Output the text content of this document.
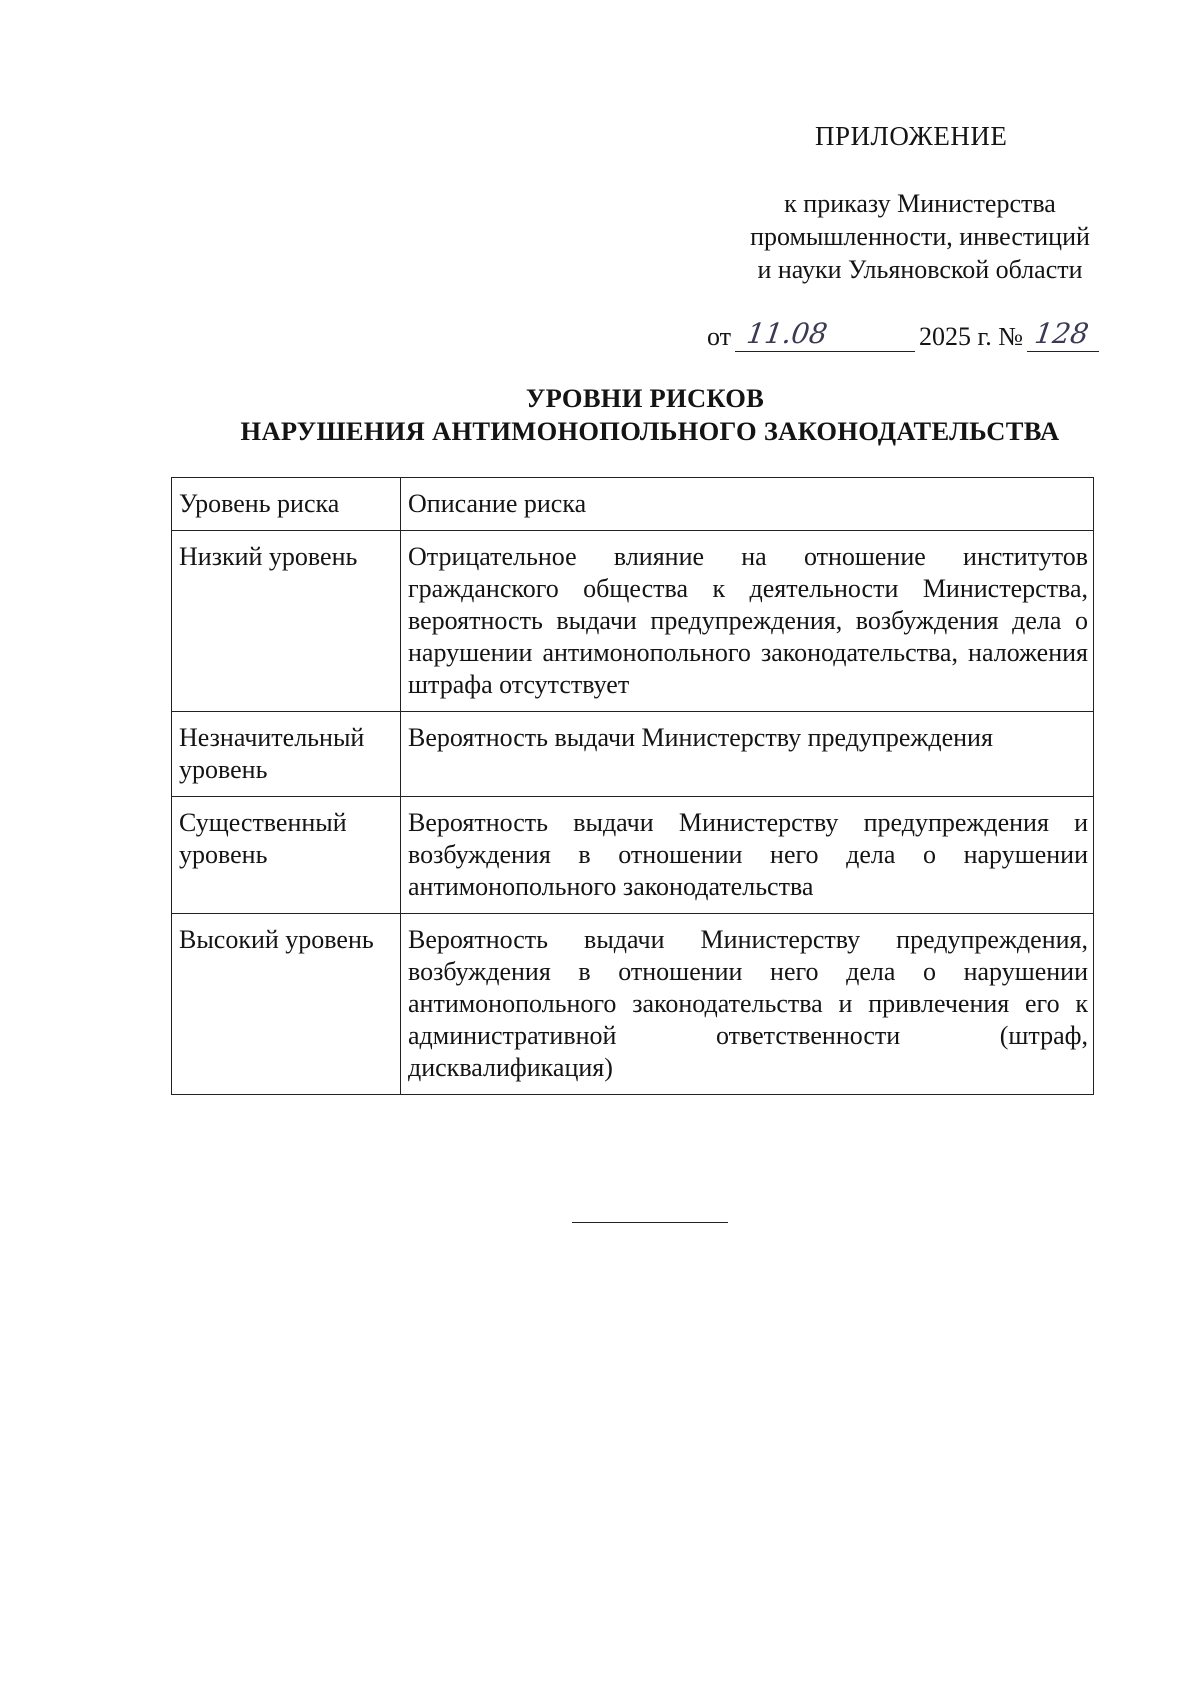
ПРИЛОЖЕНИЕ
к приказу Министерства
промышленности, инвестиций
и науки Ульяновской области
от 11.08	2025 г. № 128
УРОВНИ РИСКОВ
НАРУШЕНИЯ АНТИМОНОПОЛЬНОГО ЗАКОНОДАТЕЛЬСТВА
Уровень риска	Описание риска
Низкий уровень	Отрицательное влияние на отношение институтов гражданского общества к деятельности Министерства, вероятность выдачи предупреждения, возбуждения дела о нарушении антимонопольного законодательства, наложения штрафа отсутствует
Незначительный уровень	Вероятность выдачи Министерству предупреждения
Существенный уровень	Вероятность выдачи Министерству предупреждения и возбуждения в отношении него дела о нарушении антимонопольного законодательства
Высокий уровень	Вероятность выдачи Министерству предупреждения, возбуждения в отношении него дела о нарушении антимонопольного законодательства и привлечения его к административной ответственности (штраф, дисквалификация)
